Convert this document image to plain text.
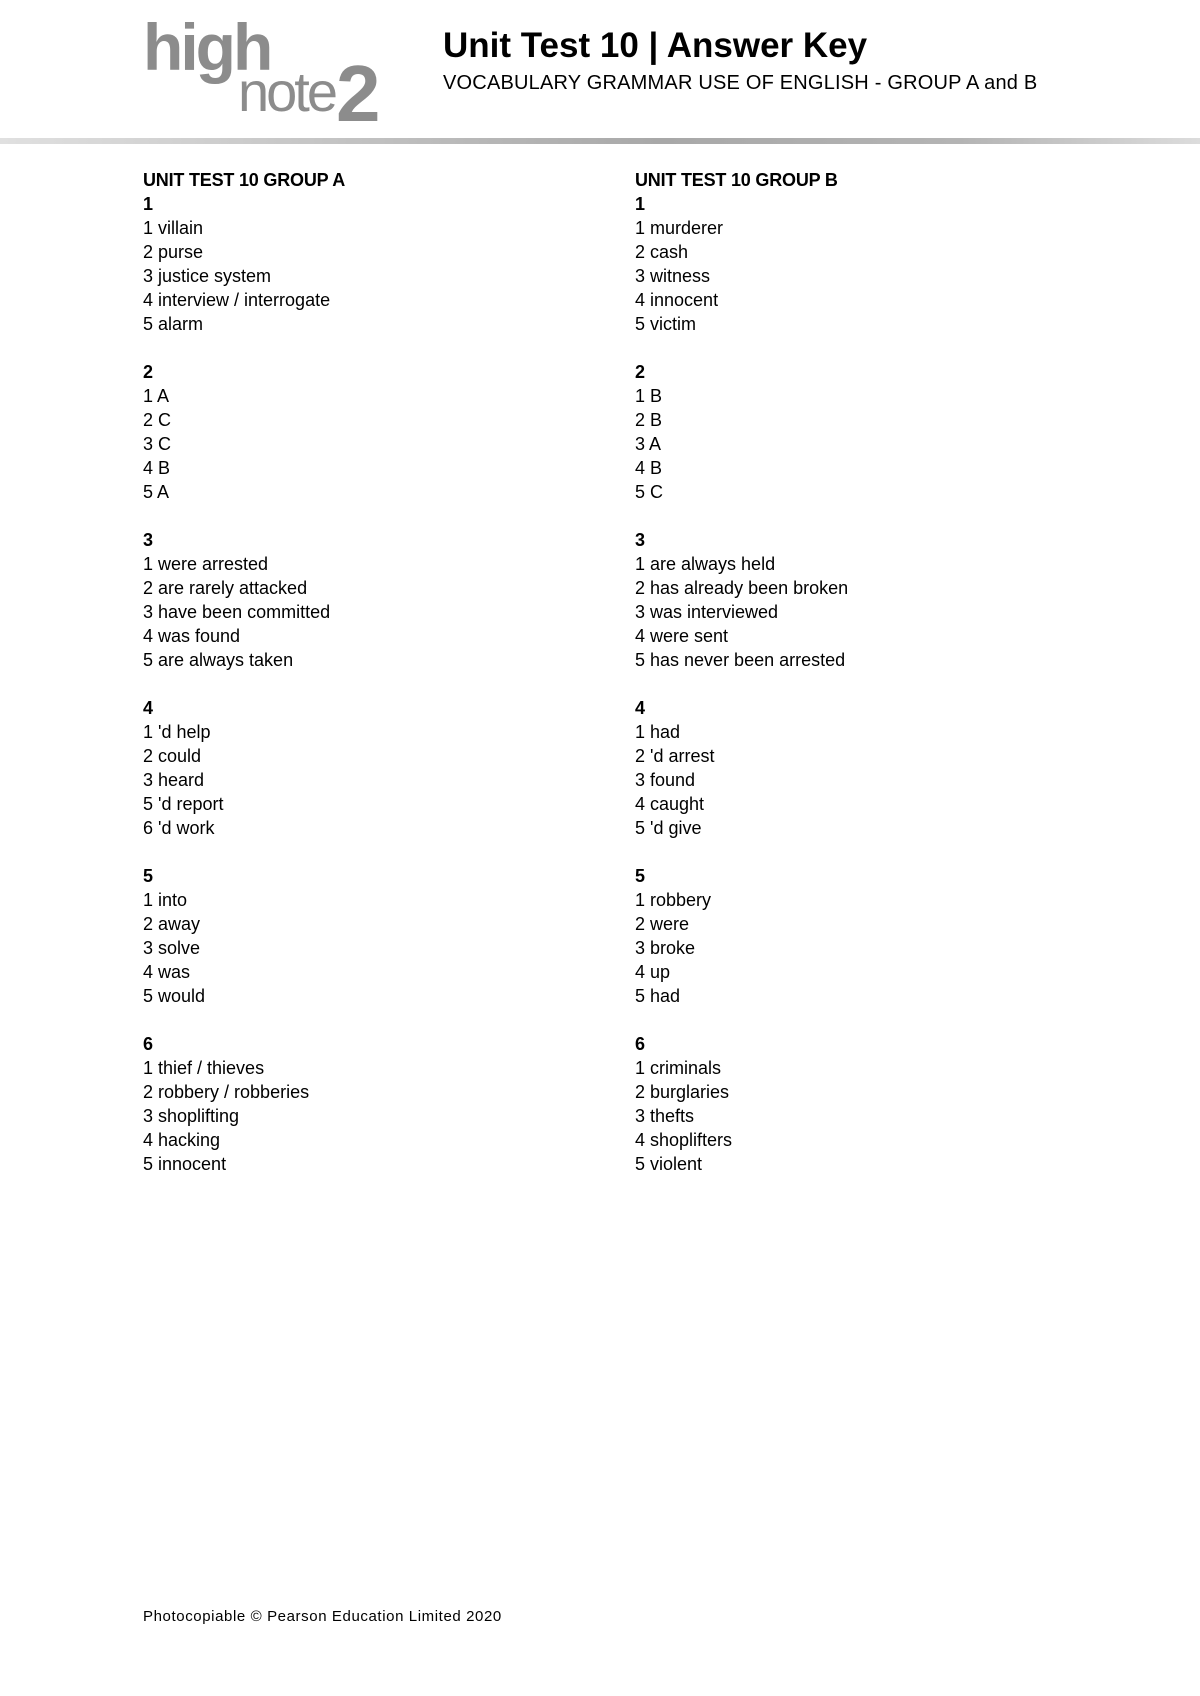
high
note 2
Unit Test 10 | Answer Key
VOCABULARY GRAMMAR USE OF ENGLISH - GROUP A and B
UNIT TEST 10 GROUP A
1
1 villain
2 purse
3 justice system
4 interview / interrogate
5 alarm
2
1 A
2 C
3 C
4 B
5 A
3
1 were arrested
2 are rarely attacked
3 have been committed
4 was found
5 are always taken
4
1 'd help
2 could
3 heard
5 'd report
6 'd work
5
1 into
2 away
3 solve
4 was
5 would
6
1 thief / thieves
2 robbery / robberies
3 shoplifting
4 hacking
5 innocent
UNIT TEST 10 GROUP B
1
1 murderer
2 cash
3 witness
4 innocent
5 victim
2
1 B
2 B
3 A
4 B
5 C
3
1 are always held
2 has already been broken
3 was interviewed
4 were sent
5 has never been arrested
4
1 had
2 'd arrest
3 found
4 caught
5 'd give
5
1 robbery
2 were
3 broke
4 up
5 had
6
1 criminals
2 burglaries
3 thefts
4 shoplifters
5 violent
Photocopiable © Pearson Education Limited 2020
